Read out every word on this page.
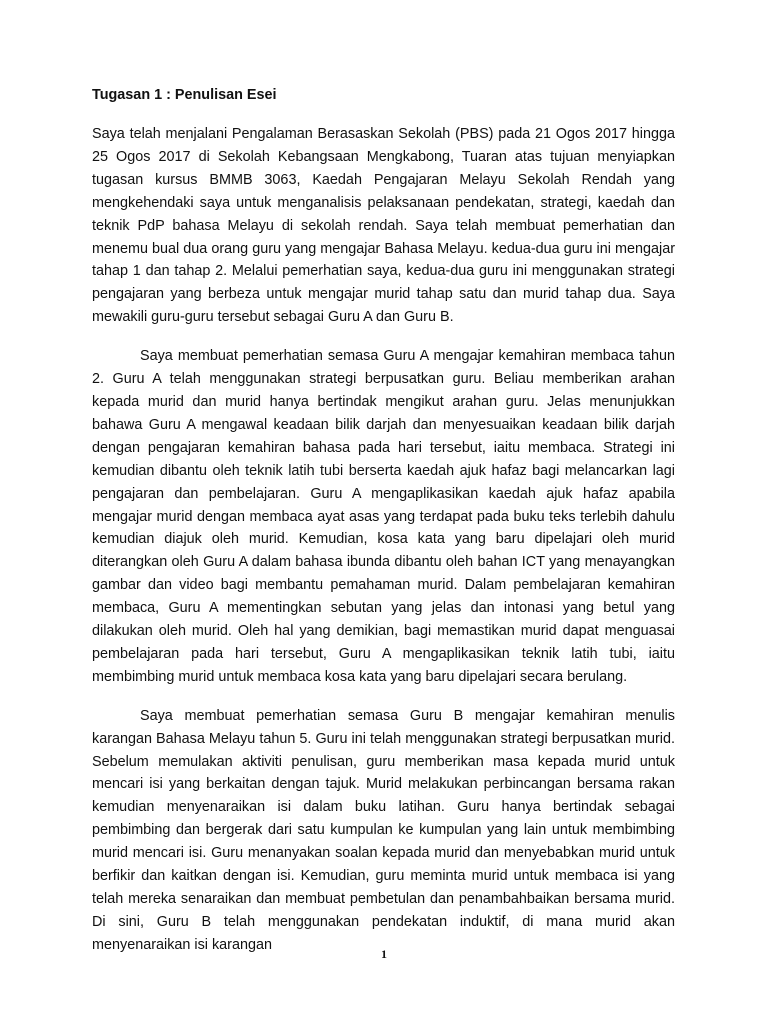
Tugasan 1 : Penulisan Esei

Saya telah menjalani Pengalaman Berasaskan Sekolah (PBS) pada 21 Ogos 2017 hingga 25 Ogos 2017 di Sekolah Kebangsaan Mengkabong, Tuaran atas tujuan menyiapkan tugasan kursus BMMB 3063, Kaedah Pengajaran Melayu Sekolah Rendah yang mengkehendaki saya untuk menganalisis pelaksanaan pendekatan, strategi, kaedah dan teknik PdP bahasa Melayu di sekolah rendah. Saya telah membuat pemerhatian dan menemu bual dua orang guru yang mengajar Bahasa Melayu. kedua-dua guru ini mengajar tahap 1 dan tahap 2. Melalui pemerhatian saya, kedua-dua guru ini menggunakan strategi pengajaran yang berbeza untuk mengajar murid tahap satu dan murid tahap dua. Saya mewakili guru-guru tersebut sebagai Guru A dan Guru B.

Saya membuat pemerhatian semasa Guru A mengajar kemahiran membaca tahun 2. Guru A telah menggunakan strategi berpusatkan guru. Beliau memberikan arahan kepada murid dan murid hanya bertindak mengikut arahan guru. Jelas menunjukkan bahawa Guru A mengawal keadaan bilik darjah dan menyesuaikan keadaan bilik darjah dengan pengajaran kemahiran bahasa pada hari tersebut, iaitu membaca. Strategi ini kemudian dibantu oleh teknik latih tubi berserta kaedah ajuk hafaz bagi melancarkan lagi pengajaran dan pembelajaran. Guru A mengaplikasikan kaedah ajuk hafaz apabila mengajar murid dengan membaca ayat asas yang terdapat pada buku teks terlebih dahulu kemudian diajuk oleh murid. Kemudian, kosa kata yang baru dipelajari oleh murid diterangkan oleh Guru A dalam bahasa ibunda dibantu oleh bahan ICT yang menayangkan gambar dan video bagi membantu pemahaman murid. Dalam pembelajaran kemahiran membaca, Guru A mementingkan sebutan yang jelas dan intonasi yang betul yang dilakukan oleh murid. Oleh hal yang demikian, bagi memastikan murid dapat menguasai pembelajaran pada hari tersebut, Guru A mengaplikasikan teknik latih tubi, iaitu membimbing murid untuk membaca kosa kata yang baru dipelajari secara berulang.

Saya membuat pemerhatian semasa Guru B mengajar kemahiran menulis karangan Bahasa Melayu tahun 5. Guru ini telah menggunakan strategi berpusatkan murid. Sebelum memulakan aktiviti penulisan, guru memberikan masa kepada murid untuk mencari isi yang berkaitan dengan tajuk. Murid melakukan perbincangan bersama rakan kemudian menyenaraikan isi dalam buku latihan. Guru hanya bertindak sebagai pembimbing dan bergerak dari satu kumpulan ke kumpulan yang lain untuk membimbing murid mencari isi. Guru menanyakan soalan kepada murid dan menyebabkan murid untuk berfikir dan kaitkan dengan isi. Kemudian, guru meminta murid untuk membaca isi yang telah mereka senaraikan dan membuat pembetulan dan penambahbaikan bersama murid. Di sini, Guru B telah menggunakan pendekatan induktif, di mana murid akan menyenaraikan isi karangan

1
